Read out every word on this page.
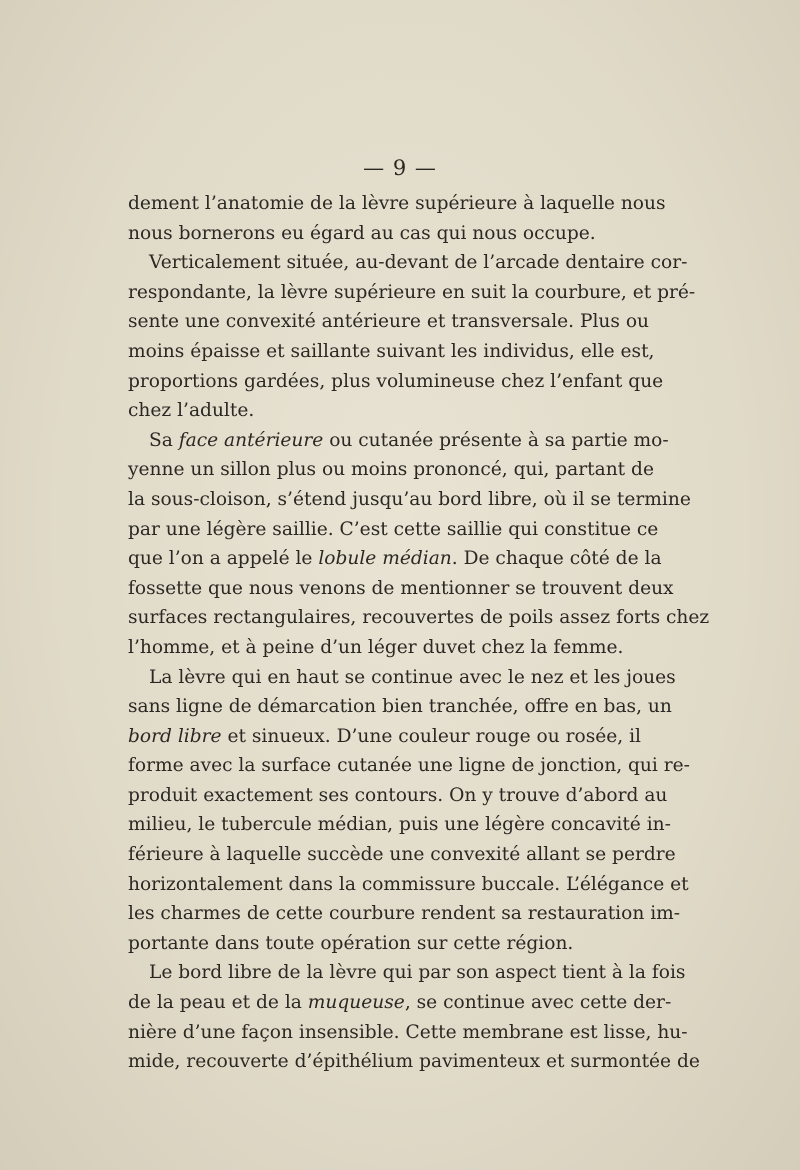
— 9 —
dement l’anatomie de la lèvre supérieure à laquelle nous
nous bornerons eu égard au cas qui nous occupe.
Verticalement située, au-devant de l’arcade dentaire cor-
respondante, la lèvre supérieure en suit la courbure, et pré-
sente une convexité antérieure et transversale. Plus ou
moins épaisse et saillante suivant les individus, elle est,
proportions gardées, plus volumineuse chez l’enfant que
chez l’adulte.
Sa face antérieure ou cutanée présente à sa partie mo-
yenne un sillon plus ou moins prononcé, qui, partant de
la sous-cloison, s’étend jusqu’au bord libre, où il se termine
par une légère saillie. C’est cette saillie qui constitue ce
que l’on a appelé le lobule médian. De chaque côté de la
fossette que nous venons de mentionner se trouvent deux
surfaces rectangulaires, recouvertes de poils assez forts chez
l’homme, et à peine d’un léger duvet chez la femme.
La lèvre qui en haut se continue avec le nez et les joues
sans ligne de démarcation bien tranchée, offre en bas, un
bord libre et sinueux. D’une couleur rouge ou rosée, il
forme avec la surface cutanée une ligne de jonction, qui re-
produit exactement ses contours. On y trouve d’abord au
milieu, le tubercule médian, puis une légère concavité in-
férieure à laquelle succède une convexité allant se perdre
horizontalement dans la commissure buccale. L’élégance et
les charmes de cette courbure rendent sa restauration im-
portante dans toute opération sur cette région.
Le bord libre de la lèvre qui par son aspect tient à la fois
de la peau et de la muqueuse, se continue avec cette der-
nière d’une façon insensible. Cette membrane est lisse, hu-
mide, recouverte d’épithélium pavimenteux et surmontée de
